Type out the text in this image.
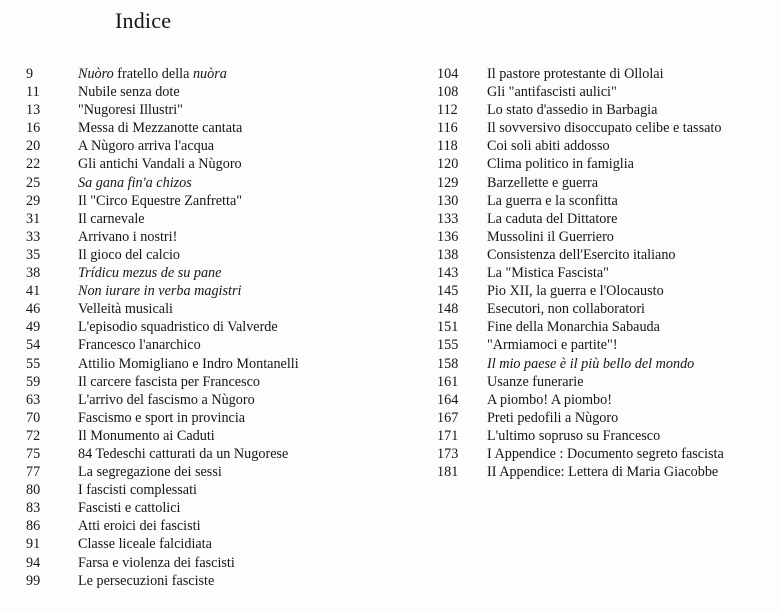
Indice
9	Nuòro fratello della nuòra
11	Nubile senza dote
13	"Nugoresi Illustri"
16	Messa di Mezzanotte cantata
20	A Nùgoro arriva l'acqua
22	Gli antichi Vandali a Nùgoro
25	Sa gana fin'a chizos
29	Il "Circo Equestre Zanfretta"
31	Il carnevale
33	Arrivano i nostri!
35	Il gioco del calcio
38	Trídicu mezus de su pane
41	Non iurare in verba magistri
46	Velleità musicali
49	L'episodio squadristico di Valverde
54	Francesco l'anarchico
55	Attilio Momigliano e Indro Montanelli
59	Il carcere fascista per Francesco
63	L'arrivo del fascismo a Nùgoro
70	Fascismo e sport in provincia
72	Il Monumento ai Caduti
75	84 Tedeschi catturati da un Nugorese
77	La segregazione dei sessi
80	I fascisti complessati
83	Fascisti e cattolici
86	Atti eroici dei fascisti
91	Classe liceale falcidiata
94	Farsa e violenza dei fascisti
99	Le persecuzioni fasciste
104	Il pastore protestante di Ollolai
108	Gli "antifascisti aulici"
112	Lo stato d'assedio in Barbagia
116	Il sovversivo disoccupato celibe e tassato
118	Coi soli abiti addosso
120	Clima politico in famiglia
129	Barzellette e guerra
130	La guerra e la sconfitta
133	La caduta del Dittatore
136	Mussolini il Guerriero
138	Consistenza dell'Esercito italiano
143	La "Mistica Fascista"
145	Pio XII, la guerra e l'Olocausto
148	Esecutori, non collaboratori
151	Fine della Monarchia Sabauda
155	"Armiamoci e partite"!
158	Il mio paese è il più bello del mondo
161	Usanze funerarie
164	A piombo! A piombo!
167	Preti pedofili a Nùgoro
171	L'ultimo sopruso su Francesco
173	I Appendice : Documento segreto fascista
181	II Appendice: Lettera di Maria Giacobbe
